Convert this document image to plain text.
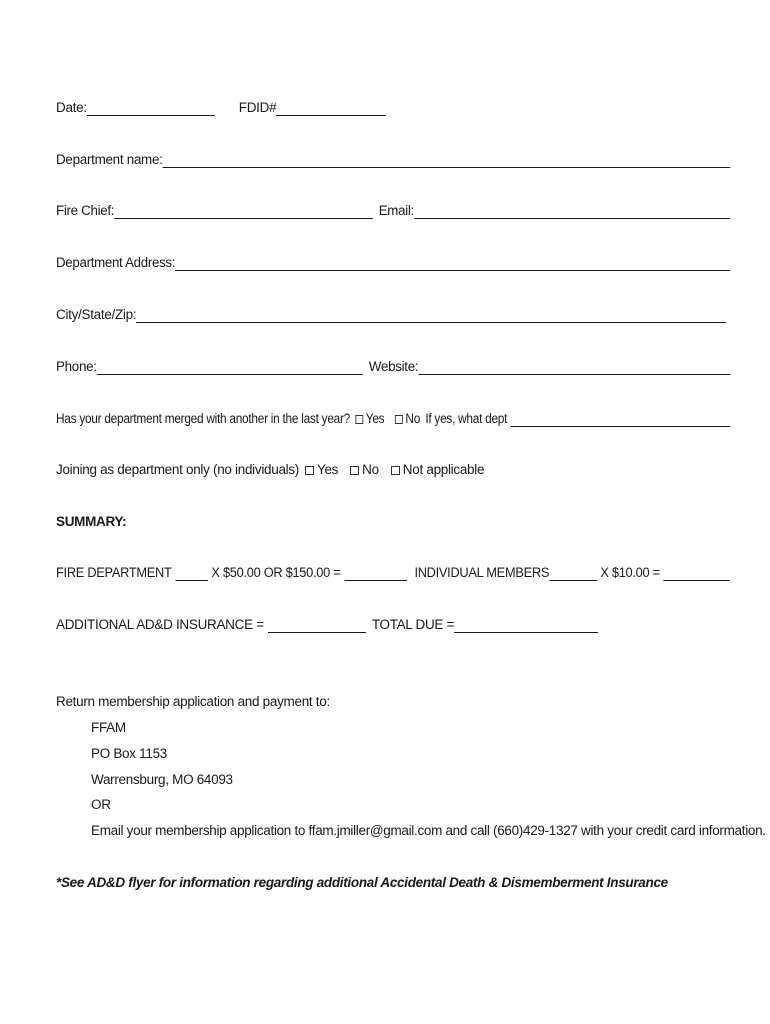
Date:	FDID#
Department name:
Fire Chief:	Email:
Department Address:
City/State/Zip:
Phone:	Website:
Has your department merged with another in the last year? Yes No If yes, what dept
Joining as department only (no individuals) Yes No Not applicable
SUMMARY:
FIRE DEPARTMENT	X $50.00 OR $150.00 =	INDIVIDUAL MEMBERS	X $10.00 =
ADDITIONAL AD&D INSURANCE =	TOTAL DUE =
Return membership application and payment to:
FFAM
PO Box 1153
Warrensburg, MO 64093
OR
Email your membership application to ffam.jmiller@gmail.com and call (660)429-1327 with your credit card information.
*See AD&D flyer for information regarding additional Accidental Death & Dismemberment Insurance
